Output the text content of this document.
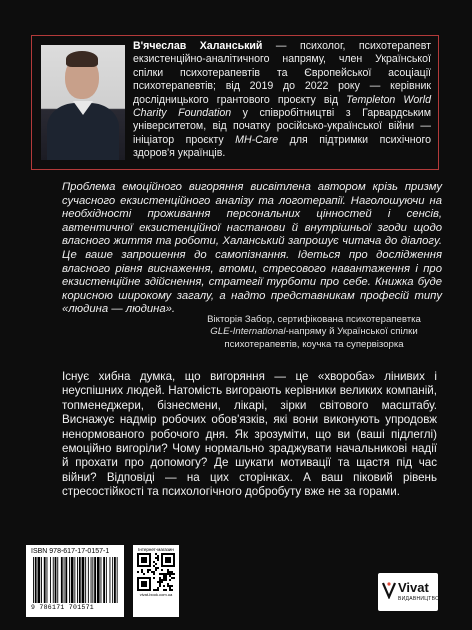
В'ячеслав Халанський — психолог, психотерапевт екзистенційно-аналітичного напряму, член Української спілки психотерапевтів та Європейської асоціації психотерапевтів; від 2019 до 2022 року — керівник дослідницького грантового проєкту від Templeton World Charity Foundation у співробітництві з Гарвардським університетом, від початку російсько-української війни — ініціатор проєкту MH-Care для підтримки психічного здоров'я українців.
Проблема емоційного вигоряння висвітлена автором крізь призму сучасного екзистенційного аналізу та логотерапії. Наголошуючи на необхідності проживання персональних цінностей і сенсів, автентичної екзистенційної настанови й внутрішньої згоди щодо власного життя та роботи, Халанський запрошує читача до діалогу. Це ваше запрошення до самопізнання. Ідеться про дослідження власного рівня виснаження, втоми, стресового навантаження і про екзистенційне здійснення, стратегії турботи про себе. Книжка буде корисною широкому загалу, а надто представникам професій типу «людина — людина».
Вікторія Забор, сертифікована психотерапевтка
GLE-International-напряму й Української спілки
психотерапевтів, коучка та супервізорка
Існує хибна думка, що вигоряння — це «хвороба» лінивих і неуспішних людей. Натомість вигорають керівники великих компаній, топменеджери, бізнесмени, лікарі, зірки світового масштабу. Виснажує надмір робочих обов'язків, які вони виконують упродовж ненормованого робочого дня. Як зрозуміти, що ви (ваші підлеглі) емоційно вигоріли? Чому нормально зраджувати начальникові надії й прохати про допомогу? Де шукати мотивації та щастя під час війни? Відповіді — на цих сторінках. А ваш піковий рівень стресостійкості та психологічного добробуту вже не за горами.
ISBN 978-617-17-0157-1
9 786171 701571
Інтернет-магазин
vivat-book.com.ua	Vivat
ВИДАВНИЦТВО
